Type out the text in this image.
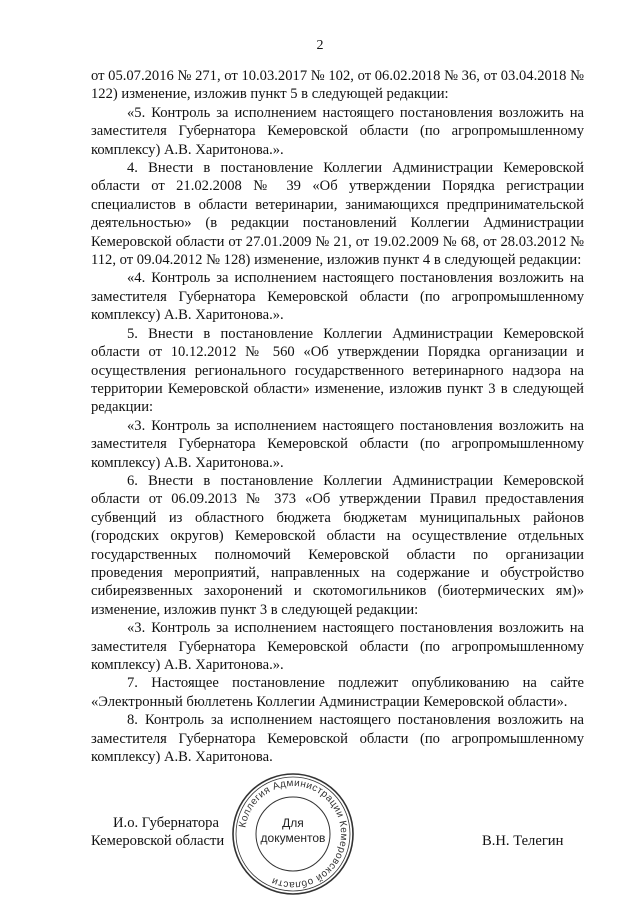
2

от 05.07.2016 № 271, от 10.03.2017 № 102, от 06.02.2018 № 36, от 03.04.2018 № 122) изменение, изложив пункт 5 в следующей редакции:

«5. Контроль за исполнением настоящего постановления возложить на заместителя Губернатора Кемеровской области (по агропромышленному комплексу) А.В. Харитонова.».

4. Внести в постановление Коллегии Администрации Кемеровской области от 21.02.2008 № 39 «Об утверждении Порядка регистрации специалистов в области ветеринарии, занимающихся предпринимательской деятельностью» (в редакции постановлений Коллегии Администрации Кемеровской области от 27.01.2009 № 21, от 19.02.2009 № 68, от 28.03.2012 № 112, от 09.04.2012 № 128) изменение, изложив пункт 4 в следующей редакции:

«4. Контроль за исполнением настоящего постановления возложить на заместителя Губернатора Кемеровской области (по агропромышленному комплексу) А.В. Харитонова.».

5. Внести в постановление Коллегии Администрации Кемеровской области от 10.12.2012 № 560 «Об утверждении Порядка организации и осуществления регионального государственного ветеринарного надзора на территории Кемеровской области» изменение, изложив пункт 3 в следующей редакции:

«3. Контроль за исполнением настоящего постановления возложить на заместителя Губернатора Кемеровской области (по агропромышленному комплексу) А.В. Харитонова.».

6. Внести в постановление Коллегии Администрации Кемеровской области от 06.09.2013 № 373 «Об утверждении Правил предоставления субвенций из областного бюджета бюджетам муниципальных районов (городских округов) Кемеровской области на осуществление отдельных государственных полномочий Кемеровской области по организации проведения мероприятий, направленных на содержание и обустройство сибиреязвенных захоронений и скотомогильников (биотермических ям)» изменение, изложив пункт 3 в следующей редакции:

«3. Контроль за исполнением настоящего постановления возложить на заместителя Губернатора Кемеровской области (по агропромышленному комплексу) А.В. Харитонова.».

7. Настоящее постановление подлежит опубликованию на сайте «Электронный бюллетень Коллегии Администрации Кемеровской области».

8. Контроль за исполнением настоящего постановления возложить на заместителя Губернатора Кемеровской области (по агропромышленному комплексу) А.В. Харитонова.

И.о. Губернатора
Кемеровской области	В.Н. Телегин
Коллегия Администрации Кемеровской области
Для
документов
